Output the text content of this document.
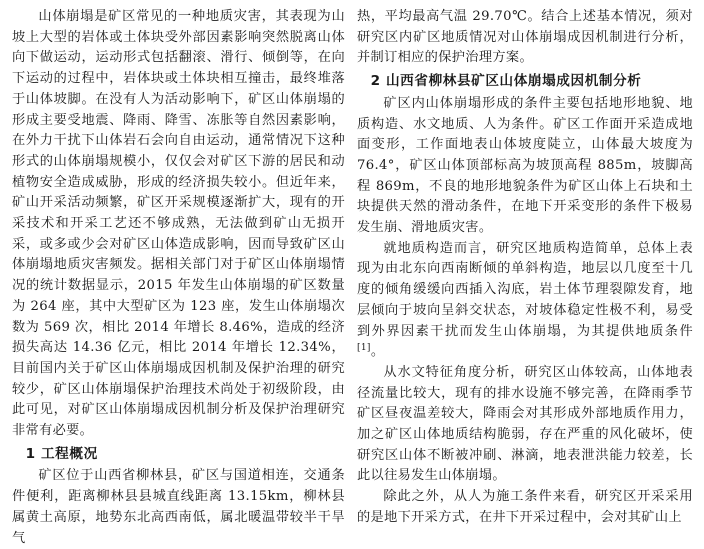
山体崩塌是矿区常见的一种地质灾害，其表现为山坡上大型的岩体或土体块受外部因素影响突然脱离山体向下做运动，运动形式包括翻滚、滑行、倾倒等，在向下运动的过程中，岩体块或土体块相互撞击，最终堆落于山体坡脚。在没有人为活动影响下，矿区山体崩塌的形成主要受地震、降雨、降雪、冻胀等自然因素影响，在外力干扰下山体岩石会向自由运动，通常情况下这种形式的山体崩塌规模小，仅仅会对矿区下游的居民和动植物安全造成威胁，形成的经济损失较小。但近年来，矿山开采活动频繁，矿区开采规模逐渐扩大，现有的开采技术和开采工艺还不够成熟，无法做到矿山无损开采，或多或少会对矿区山体造成影响，因而导致矿区山体崩塌地质灾害频发。据相关部门对于矿区山体崩塌情况的统计数据显示，2015 年发生山体崩塌的矿区数量为 264 座，其中大型矿区为 123 座，发生山体崩塌次数为 569 次，相比 2014 年增长 8.46%，造成的经济损失高达 14.36 亿元，相比 2014 年增长 12.34%，目前国内关于矿区山体崩塌成因机制及保护治理的研究较少，矿区山体崩塌保护治理技术尚处于初级阶段，由此可见，对矿区山体崩塌成因机制分析及保护治理研究非常有必要。

1 工程概况

矿区位于山西省柳林县，矿区与国道相连，交通条件便利，距离柳林县县城直线距离 13.15km，柳林县属黄土高原，地势东北高西南低，属北暖温带较半干旱气

热，平均最高气温 29.70℃。结合上述基本情况，须对研究区内矿区地质情况对山体崩塌成因机制进行分析，并制订相应的保护治理方案。

2 山西省柳林县矿区山体崩塌成因机制分析

矿区内山体崩塌形成的条件主要包括地形地貌、地质构造、水文地质、人为条件。矿区工作面开采造成地面变形，工作面地表山体坡度陡立，山体最大坡度为 76.4°，矿区山体顶部标高为坡顶高程 885m，坡脚高程 869m，不良的地形地貌条件为矿区山体上石块和土块提供天然的滑动条件，在地下开采变形的条件下极易发生崩、滑地质灾害。

就地质构造而言，研究区地质构造简单，总体上表现为由北东向西南断倾的单斜构造，地层以几度至十几度的倾角缓缓向西插入沟底，岩土体节理裂隙发育，地层倾向于坡向呈斜交状态，对坡体稳定性极不利，易受到外界因素干扰而发生山体崩塌，为其提供地质条件[1]。

从水文特征角度分析，研究区山体较高，山体地表径流量比较大，现有的排水设施不够完善，在降雨季节矿区昼夜温差较大，降雨会对其形成外部地质作用力，加之矿区山体地质结构脆弱，存在严重的风化破坏，使研究区山体不断被冲刷、淋滴，地表泄洪能力较差，长此以往易发生山体崩塌。

除此之外，从人为施工条件来看，研究区开采采用的是地下开采方式，在井下开采过程中，会对其矿山上
